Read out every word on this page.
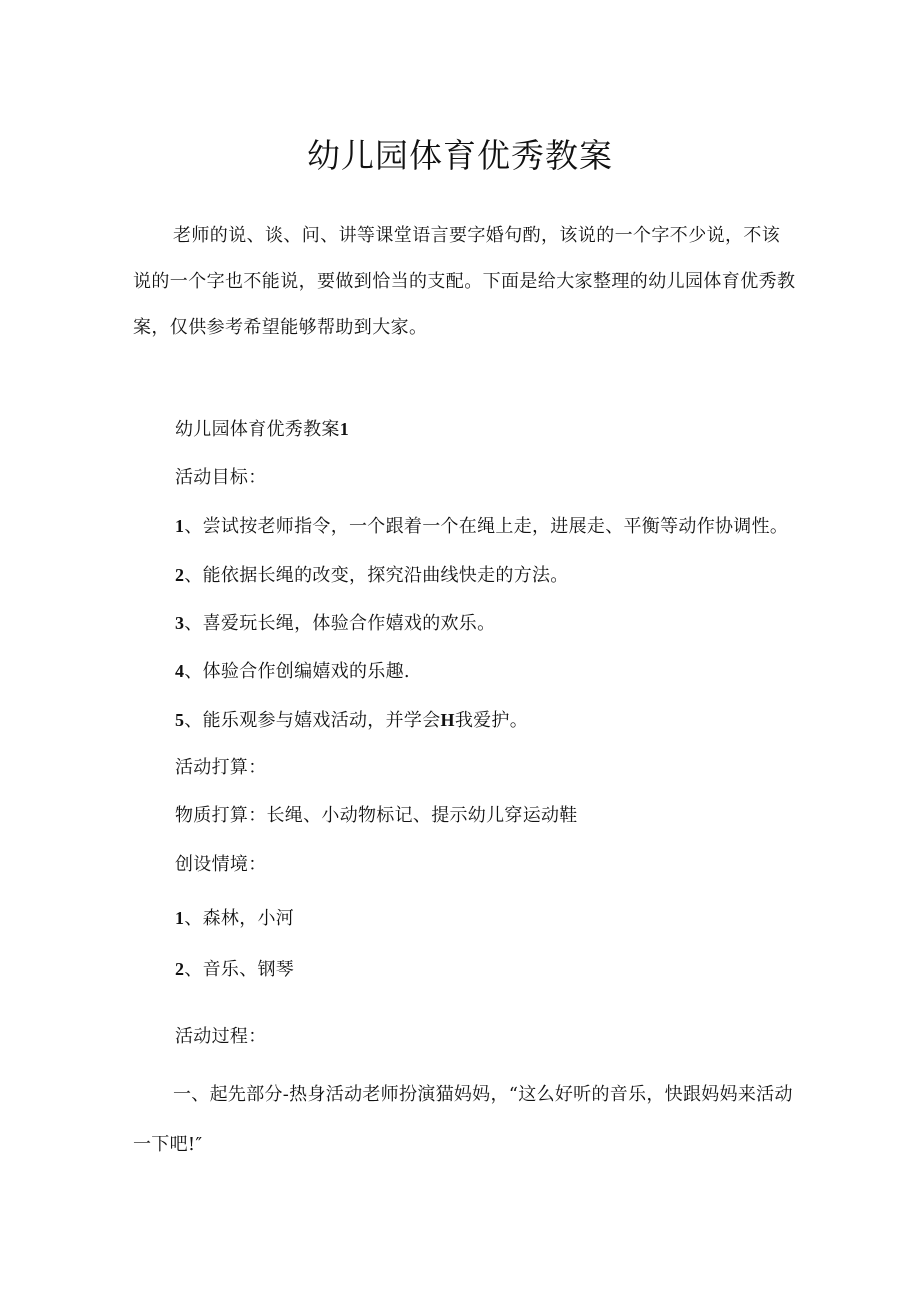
幼儿园体育优秀教案

老师的说、谈、问、讲等课堂语言要字婚句酌，该说的一个字不少说，不该说的一个字也不能说，要做到恰当的支配。下面是给大家整理的幼儿园体育优秀教案，仅供参考希望能够帮助到大家。

幼儿园体育优秀教案1

活动目标：

1、尝试按老师指令，一个跟着一个在绳上走，进展走、平衡等动作协调性。

2、能依据长绳的改变，探究沿曲线快走的方法。

3、喜爱玩长绳，体验合作嬉戏的欢乐。

4、体验合作创编嬉戏的乐趣.

5、能乐观参与嬉戏活动，并学会H我爱护。

活动打算：

物质打算：长绳、小动物标记、提示幼儿穿运动鞋

创设情境：

1、森林，小河

2、音乐、钢琴

活动过程：

一、起先部分-热身活动老师扮演猫妈妈，“这么好听的音乐，快跟妈妈来活动一下吧!″
